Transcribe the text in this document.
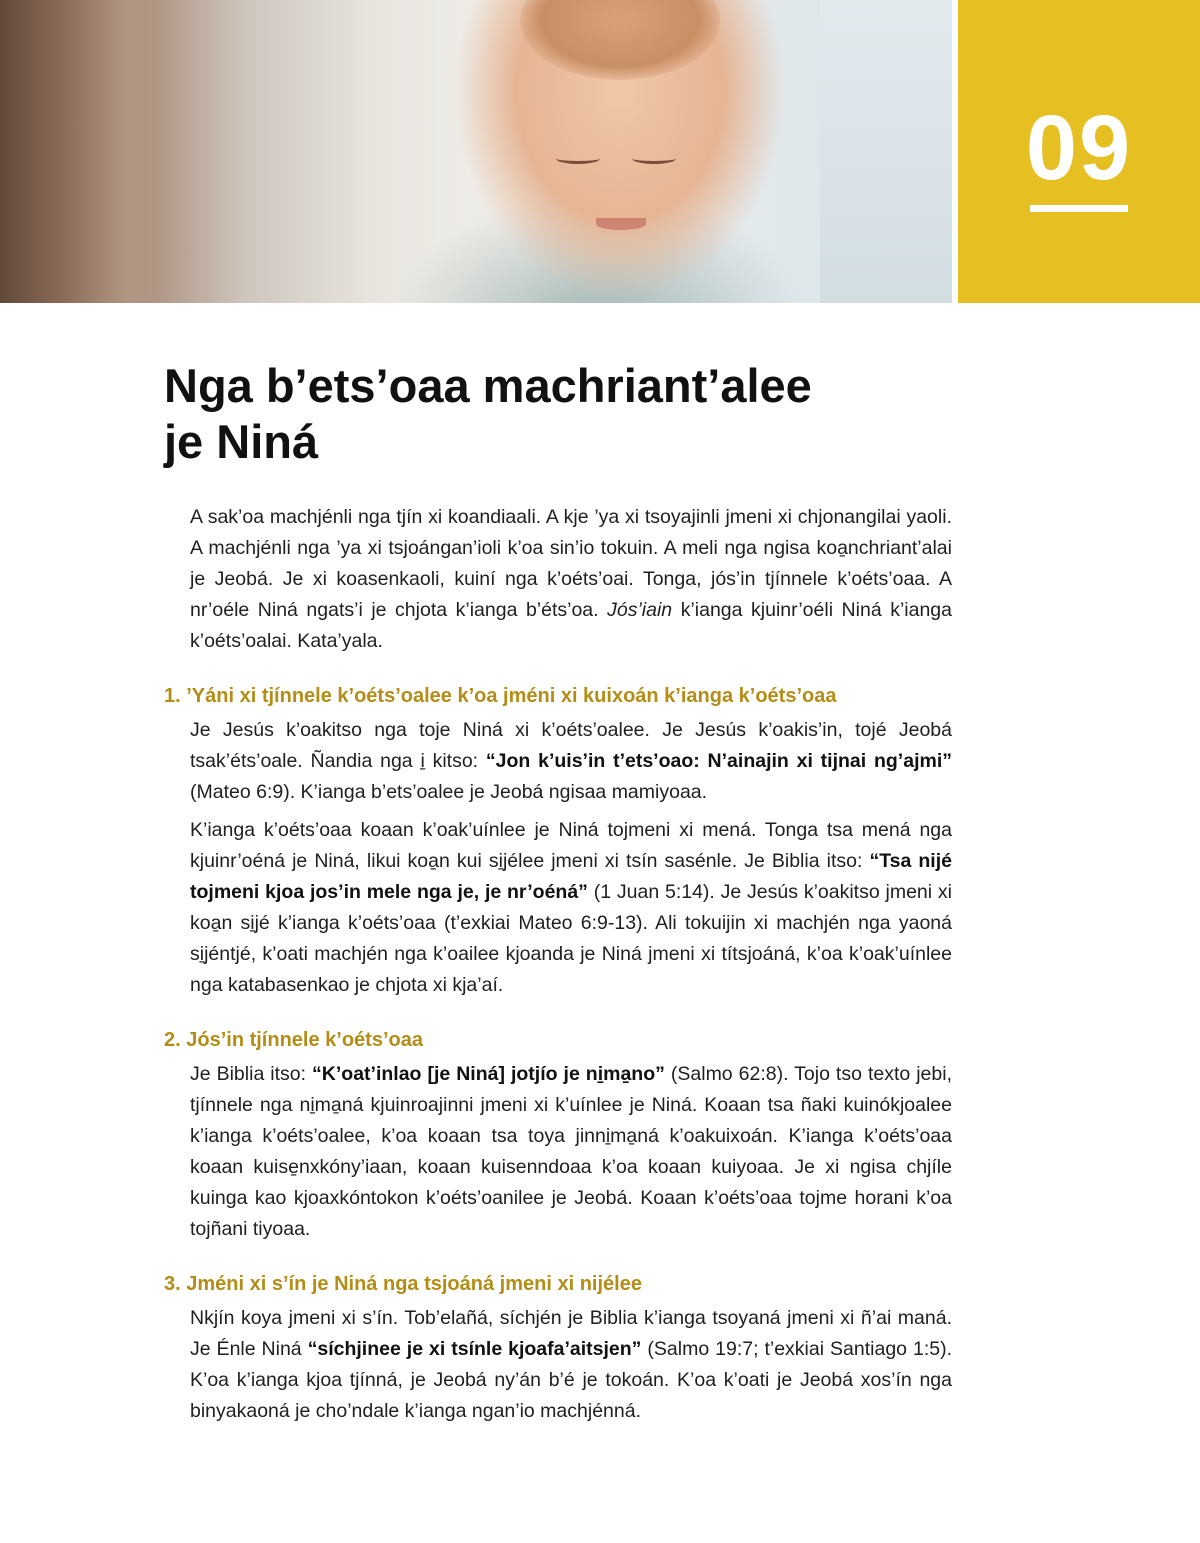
09
Nga b’ets’oaa machriant’alee
je Niná

A sak’oa machjénli nga tjín xi koandiaali. A kje ’ya xi tsoyajinli jmeni xi chjonangilai yaoli. A machjénli nga ’ya xi tsjoángan’ioli k’oa sin’io tokuin. A meli nga ngisa koa̱nchriant’alai je Jeobá. Je xi koasenkaoli, kuiní nga k’oéts’oai. Tonga, jós’in tjínnele k’oéts’oaa. A nr’oéle Niná ngats’i je chjota k’ianga b’éts’oa. Jós’iain k’ianga kjuinr’oéli Niná k’ianga k’oéts’oalai. Kata’yala.

1. ’Yáni xi tjínnele k’oéts’oalee k’oa jméni xi kuixoán k’ianga k’oéts’oaa

Je Jesús k’oakitso nga toje Niná xi k’oéts’oalee. Je Jesús k’oakis’in, tojé Jeobá tsak’éts’oale. Ñandia nga i̱ kitso: “Jon k’uis’in t’ets’oao: N’ainajin xi tijnai ng’ajmi” (Mateo 6:9). K’ianga b’ets’oalee je Jeobá ngisaa mamiyoaa.

K’ianga k’oéts’oaa koaan k’oak’uínlee je Niná tojmeni xi mená. Tonga tsa mená nga kjuinr’oéná je Niná, likui koa̱n kui si̱jélee jmeni xi tsín sasénle. Je Biblia itso: “Tsa nijé tojmeni kjoa jos’in mele nga je, je nr’oéná” (1 Juan 5:14). Je Jesús k’oakitso jmeni xi koa̱n si̱jé k’ianga k’oéts’oaa (t’exkiai Mateo 6:9-13). Ali tokuijin xi machjén nga yaoná si̱jéntjé, k’oati machjén nga k’oailee kjoanda je Niná jmeni xi títsjoáná, k’oa k’oak’uínlee nga katabasenkao je chjota xi kja’aí.

2. Jós’in tjínnele k’oéts’oaa

Je Biblia itso: “K’oat’inlao [je Niná] jotjío je ni̱ma̱no” (Salmo 62:8). Tojo tso texto jebi, tjínnele nga ni̱ma̱ná kjuinroajinni jmeni xi k’uínlee je Niná. Koaan tsa ñaki kuinókjoalee k’ianga k’oéts’oalee, k’oa koaan tsa toya jinni̱ma̱ná k’oakuixoán. K’ianga k’oéts’oaa koaan kuise̱nxkóny’iaan, koaan kuisenndoaa k’oa koaan kuiyoaa. Je xi ngisa chjíle kuinga kao kjoaxkóntokon k’oéts’oanilee je Jeobá. Koaan k’oéts’oaa tojme horani k’oa tojñani tiyoaa.

3. Jméni xi s’ín je Niná nga tsjoáná jmeni xi nijélee

Nkjín koya jmeni xi s’ín. Tob’elañá, síchjén je Biblia k’ianga tsoyaná jmeni xi ñ’ai maná. Je Énle Niná “síchjinee je xi tsínle kjoafa’aitsjen” (Salmo 19:7; t’exkiai Santiago 1:5). K’oa k’ianga kjoa tjínná, je Jeobá ny’án b’é je tokoán. K’oa k’oati je Jeobá xos’ín nga binyakaoná je cho’ndale k’ianga ngan’io machjénná.
